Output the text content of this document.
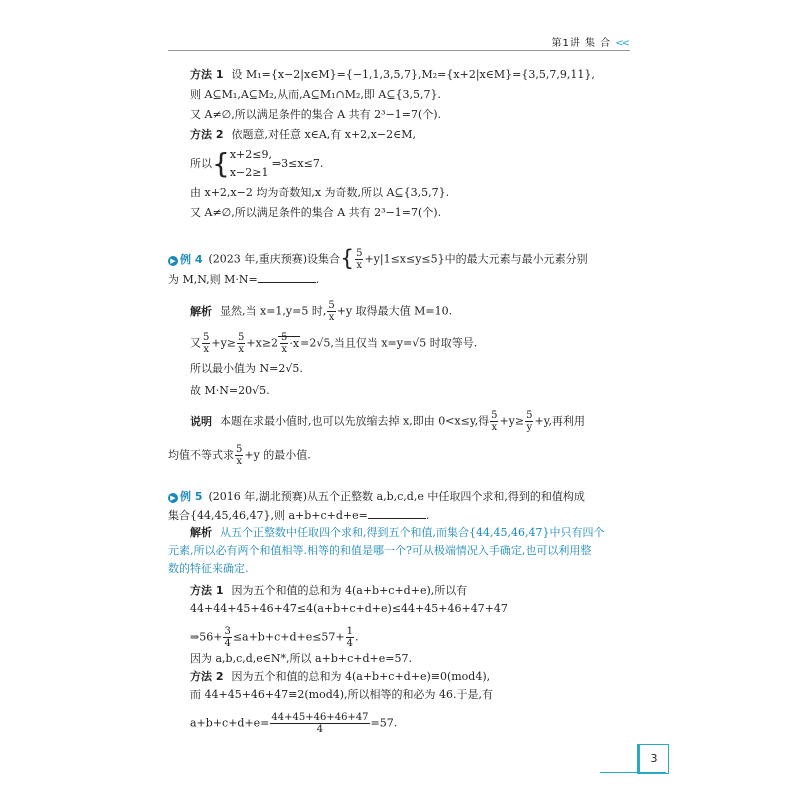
第1讲 集 合 <<
方法 1 设 M₁={x−2|x∈M}={−1,1,3,5,7},M₂={x+2|x∈M}={3,5,7,9,11},
则 A⊆M₁,A⊆M₂,从而,A⊆M₁∩M₂,即 A⊆{3,5,7}.
又 A≠∅,所以满足条件的集合 A 共有 2³−1=7(个).
方法 2 依题意,对任意 x∈A,有 x+2,x−2∈M,
所以{ x+2≤9,
x−2≥1
⇒3≤x≤7.
由 x+2,x−2 均为奇数知,x 为奇数,所以 A⊆{3,5,7}.
又 A≠∅,所以满足条件的集合 A 共有 2³−1=7(个).
▶ 例 4 (2023 年,重庆预赛)设集合{ $\frac{5}{x} +y|1\le x\le y\le 5$}中的最大元素与最小元素分别
为 M,N,则 M·N=	.
解析 显然,当 x=1,y=5 时, $\frac{5}{x} +y$ 取得最大值 M=10.
又 $\frac{5}{x} +y\ge \frac{5}{x} +x\ge 2 \frac{5}{x} \cdot x=2√5$,当且仅当 x=y=√5 时取等号.
所以最小值为 N=2√5.
故 M·N=20√5.
说明 本题在求最小值时,也可以先放缩去掉 x,即由 0<x≤y,得 $\frac{5}{x} +y\ge \frac{5}{y} +y$,再利用
均值不等式求 $\frac{5}{x} +y$ 的最小值.
▶ 例 5 (2016 年,湖北预赛)从五个正整数 a,b,c,d,e 中任取四个求和,得到的和值构成
集合{44,45,46,47},则 a+b+c+d+e=	.
解析 从五个正整数中任取四个求和,得到五个和值,而集合{44,45,46,47}中只有四个
元素,所以必有两个和值相等.相等的和值是哪一个?可从极端情况入手确定,也可以利用整
数的特征来确定.
方法 1 因为五个和值的总和为 4(a+b+c+d+e),所以有
44+44+45+46+47≤4(a+b+c+d+e)≤44+45+46+47+47
⇒56+ $\frac{3}{4} \le a+b+c+d+e\le 57+ \frac{1}{4}$ .
因为 a,b,c,d,e∈N*,所以 a+b+c+d+e=57.
方法 2 因为五个和值的总和为 4(a+b+c+d+e)≡0(mod4),
而 44+45+46+47≡2(mod4),所以相等的和必为 46.于是,有
$a+b+c+d+e= \frac{44+45+46+46+47}{4} =57$.
3
